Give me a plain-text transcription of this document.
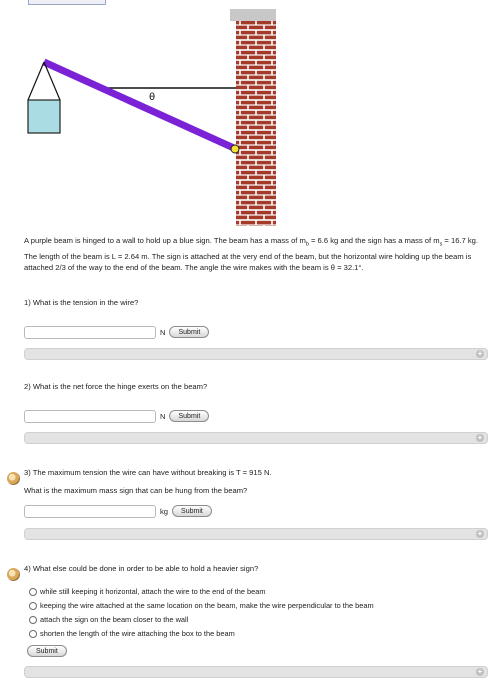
θ
A purple beam is hinged to a wall to hold up a blue sign. The beam has a mass of $m_b = 6.6$ kg and the sign has a mass of $m_s = 16.7$ kg. The length of the beam is L = 2.64 m. The sign is attached at the very end of the beam, but the horizontal wire holding up the beam is attached 2/3 of the way to the end of the beam. The angle the wire makes with the beam is θ = 32.1°.
1) What is the tension in the wire?
N	Submit
+
2) What is the net force the hinge exerts on the beam?
N	Submit
+
3) The maximum tension the wire can have without breaking is T = 915 N.
What is the maximum mass sign that can be hung from the beam?
kg	Submit
+
4) What else could be done in order to be able to hold a heavier sign?
while still keeping it horizontal, attach the wire to the end of the beam
keeping the wire attached at the same location on the beam, make the wire perpendicular to the beam
attach the sign on the beam closer to the wall
shorten the length of the wire attaching the box to the beam
Submit
+
